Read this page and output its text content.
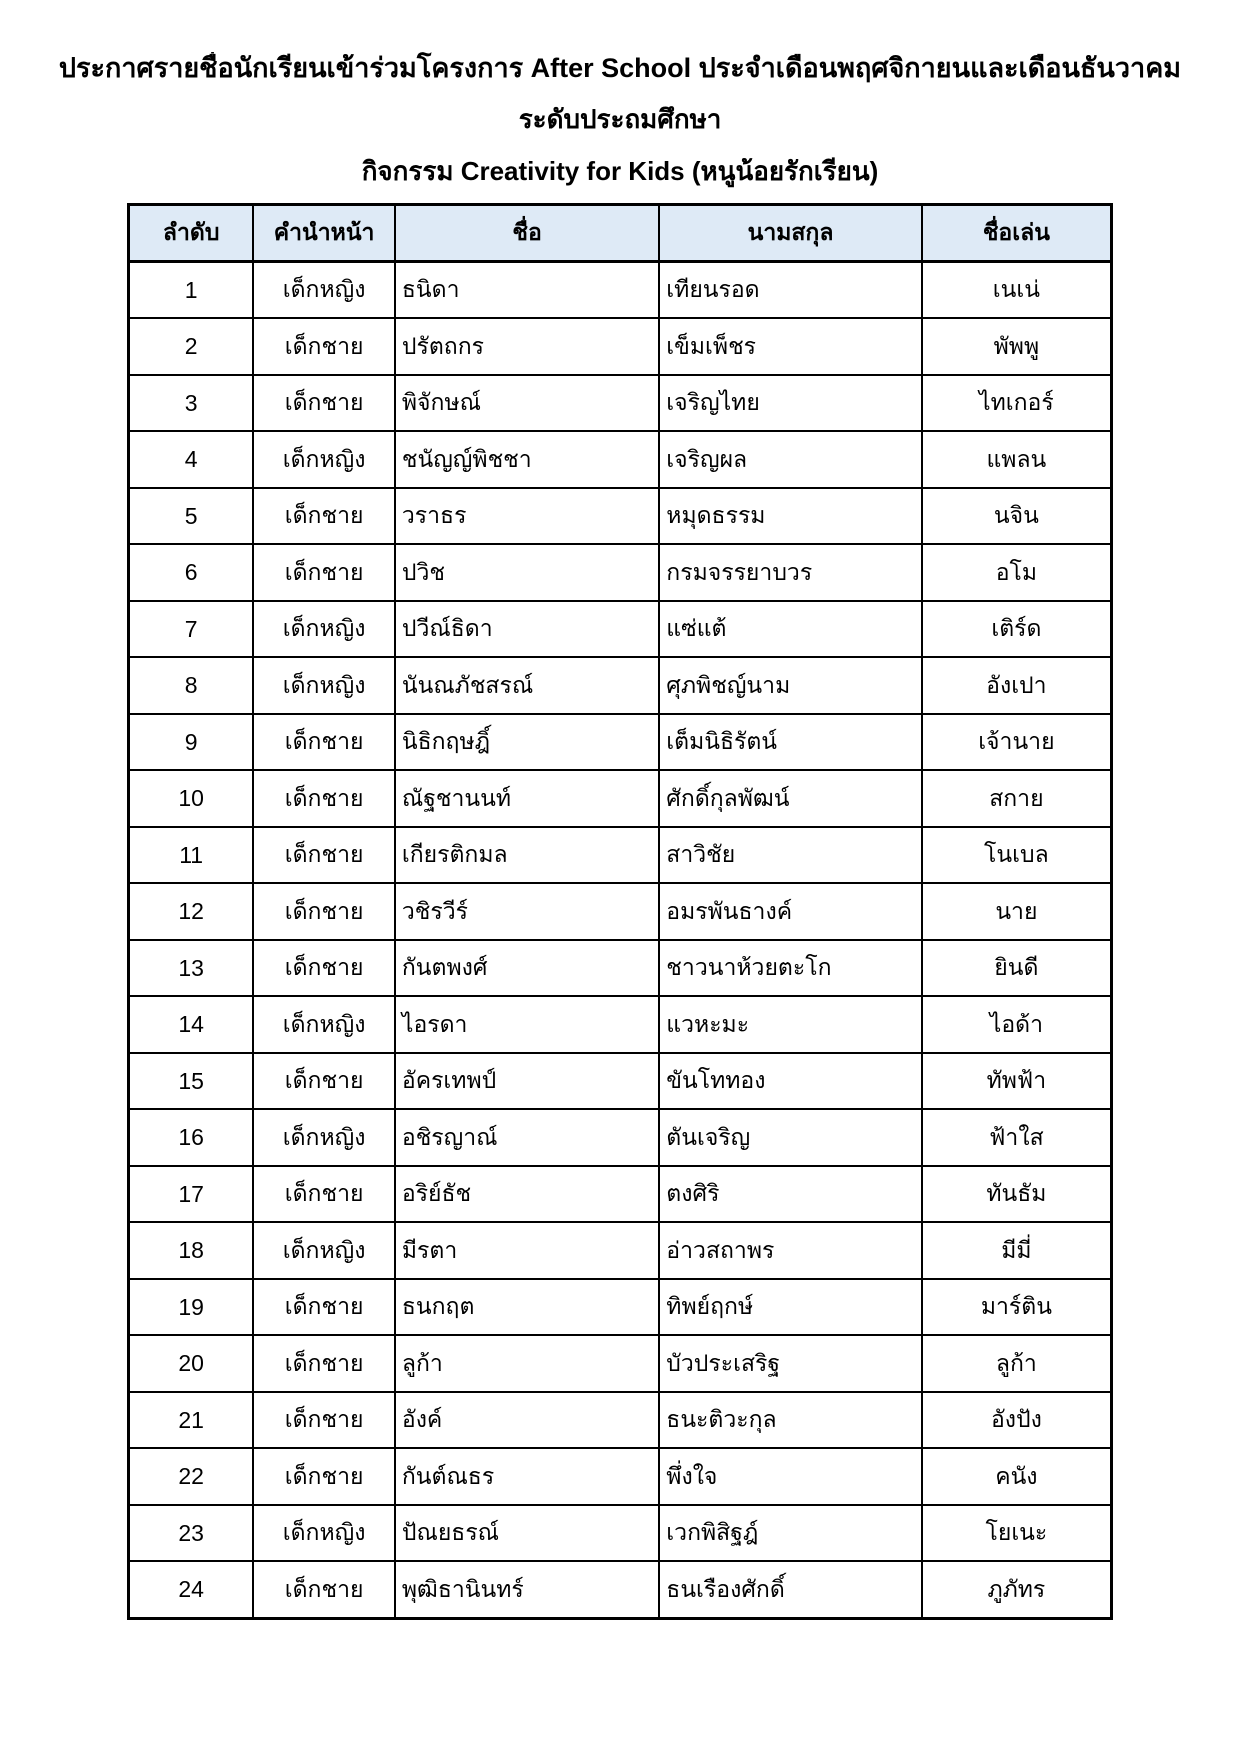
ประกาศรายชื่อนักเรียนเข้าร่วมโครงการ After School ประจำเดือนพฤศจิกายนและเดือนธันวาคม
ระดับประถมศึกษา
กิจกรรม Creativity for Kids (หนูน้อยรักเรียน)
ลำดับ	คำนำหน้า	ชื่อ	นามสกุล	ชื่อเล่น
1	เด็กหญิง	ธนิดา	เทียนรอด	เนเน่
2	เด็กชาย	ปรัตถกร	เข็มเพ็ชร	พัพพู
3	เด็กชาย	พิจักษณ์	เจริญไทย	ไทเกอร์
4	เด็กหญิง	ชนัญญ์พิชชา	เจริญผล	แพลน
5	เด็กชาย	วราธร	หมุดธรรม	นจิน
6	เด็กชาย	ปวิช	กรมจรรยาบวร	อโม
7	เด็กหญิง	ปวีณ์ธิดา	แซ่แต้	เติร์ด
8	เด็กหญิง	นันณภัชสรณ์	ศุภพิชญ์นาม	อังเปา
9	เด็กชาย	นิธิกฤษฎิ์	เต็มนิธิรัตน์	เจ้านาย
10	เด็กชาย	ณัฐชานนท์	ศักดิ์กุลพัฒน์	สกาย
11	เด็กชาย	เกียรติกมล	สาวิชัย	โนเบล
12	เด็กชาย	วชิรวีร์	อมรพันธางค์	นาย
13	เด็กชาย	กันตพงศ์	ชาวนาห้วยตะโก	ยินดี
14	เด็กหญิง	ไอรดา	แวหะมะ	ไอด้า
15	เด็กชาย	อัครเทพป์	ขันโททอง	ทัพฟ้า
16	เด็กหญิง	อชิรญาณ์	ตันเจริญ	ฟ้าใส
17	เด็กชาย	อริย์ธัช	ตงศิริ	ทันธัม
18	เด็กหญิง	มีรตา	อ่าวสถาพร	มีมี่
19	เด็กชาย	ธนกฤต	ทิพย์ฤกษ์	มาร์ติน
20	เด็กชาย	ลูก้า	บัวประเสริฐ	ลูก้า
21	เด็กชาย	อังค์	ธนะติวะกุล	อังปัง
22	เด็กชาย	กันต์ณธร	พึ่งใจ	คนัง
23	เด็กหญิง	ปัณยธรณ์	เวกพิสิฐฎ์	โยเนะ
24	เด็กชาย	พุฒิธานินทร์	ธนเรืองศักดิ์	ภูภัทร
